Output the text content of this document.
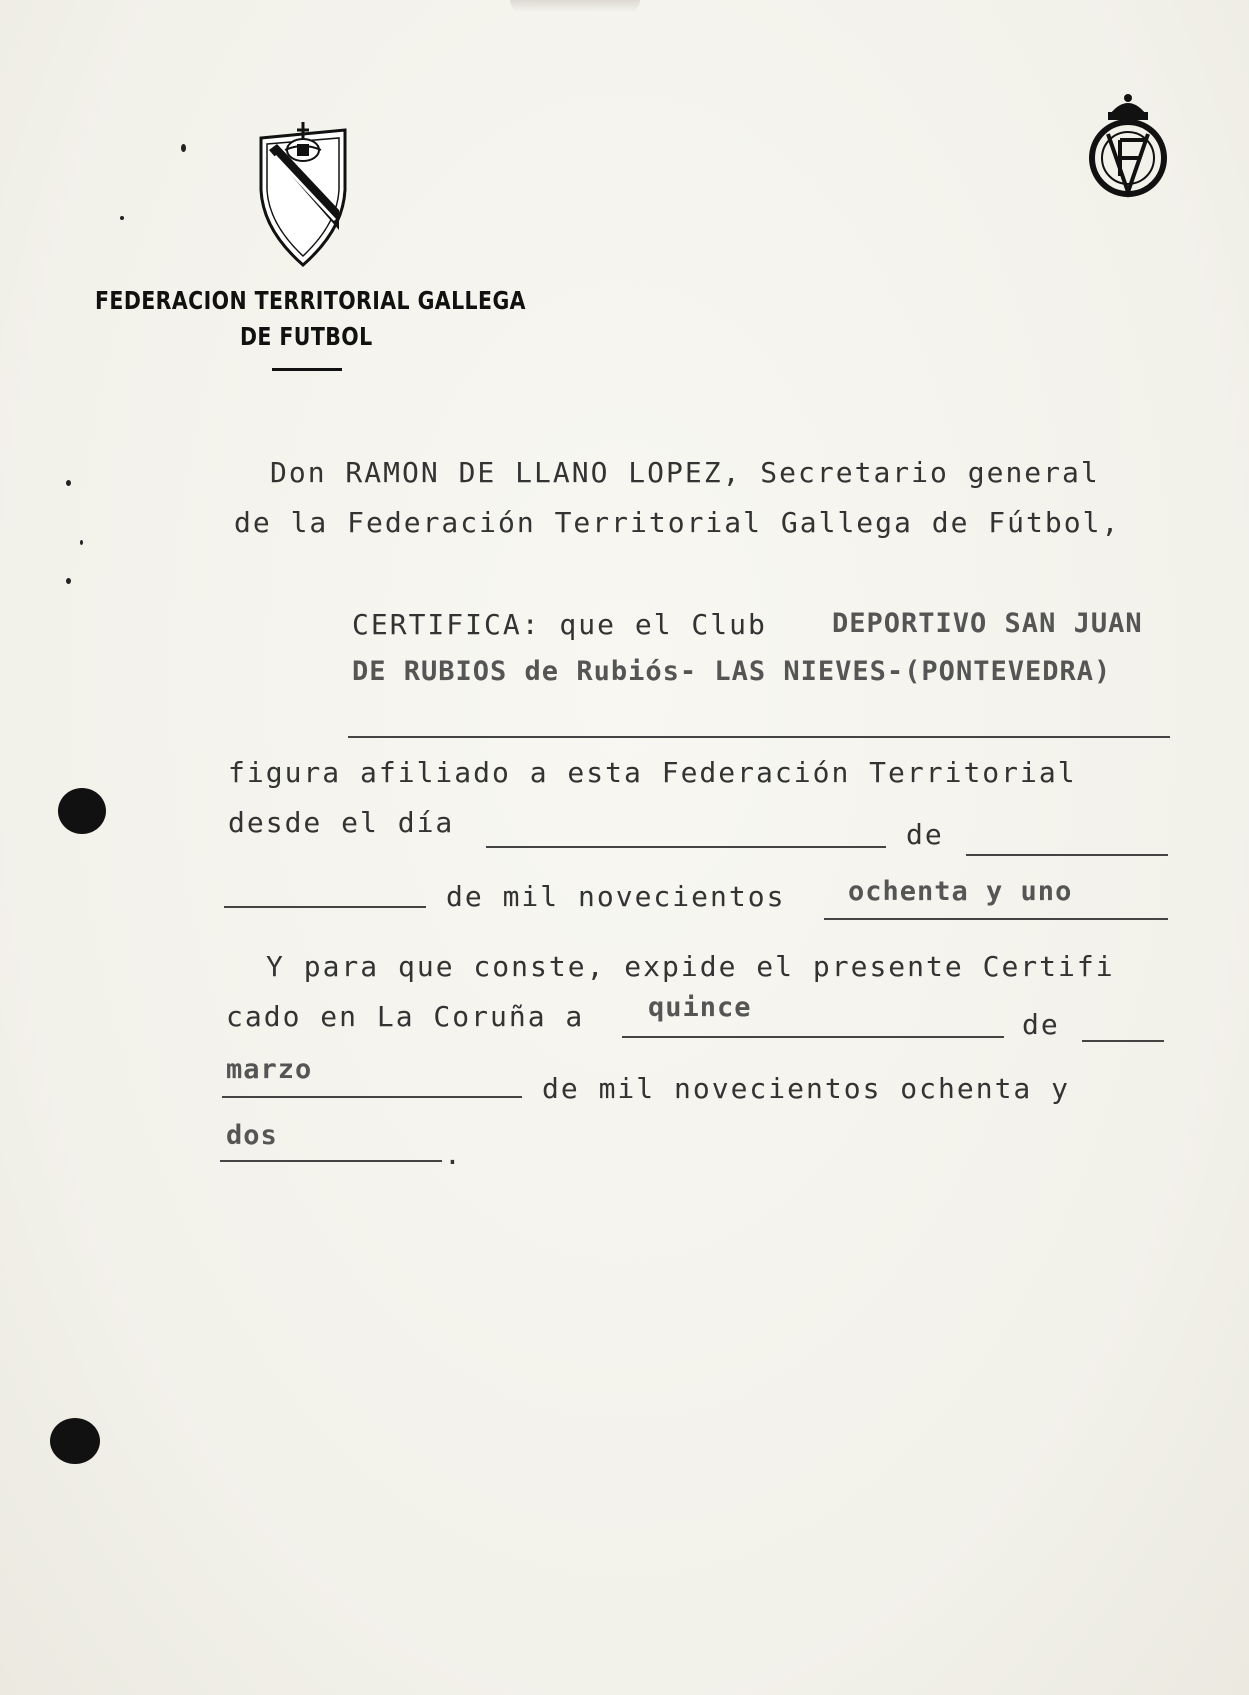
FEDERACION TERRITORIAL GALLEGA
DE FUTBOL
Don RAMON DE LLANO LOPEZ, Secretario general
de la Federación Territorial Gallega de Fútbol,
CERTIFICA: que el Club DEPORTIVO SAN JUAN
DE RUBIOS de Rubiós- LAS NIEVES-(PONTEVEDRA)
figura afiliado a esta Federación Territorial
desde el día	de
de mil novecientos ochenta y uno
Y para que conste, expide el presente Certifi
cado en La Coruña a quince
de
marzo
de mil novecientos ochenta y
dos
.
